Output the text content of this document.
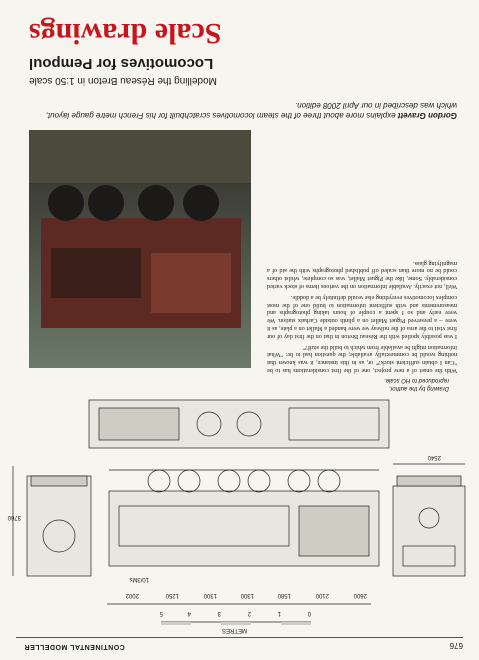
676
CONTINENTAL MODELLER
0
1
2
3
4
5
METRES
2600
2100
1580
1300
1300
1250
2002
10/3Ms
2540
3760
Drawing by the author,
reproduced to HO scale.

With the onset of a new project, one of the first considerations has to be "Can I obtain sufficient stock?" or, as in this instance, it was known that nothing would be commercially available; the question had to be: "What information might be available from which to build the stuff?"

I was possibly spoiled with the Réseau Breton in that on the first day of our first visit to the area of the railway we were handed a Mallet on a plate, as it were – a preserved Piguet Mallet on a plinth outside Carhaix station. We were early and so I spent a couple of hours taking photographs and measurements and with sufficient information to build one of the most complex locomotives everything else would definitely be a doddle.

Well, not exactly. Available information on the various items of stock varied considerably. Some, like the Piguet Mallet, was so complete, whilst others could be no more than scaled off published photographs with the aid of a magnifying glass.

Gordon Gravett explains more about three of the steam locomotives scratchbuilt for his French metre gauge layout, which was described in our April 2008 edition.
Modelling the Réseau Breton in 1:50 scale
Locomotives for Pempoul
Scale drawings
